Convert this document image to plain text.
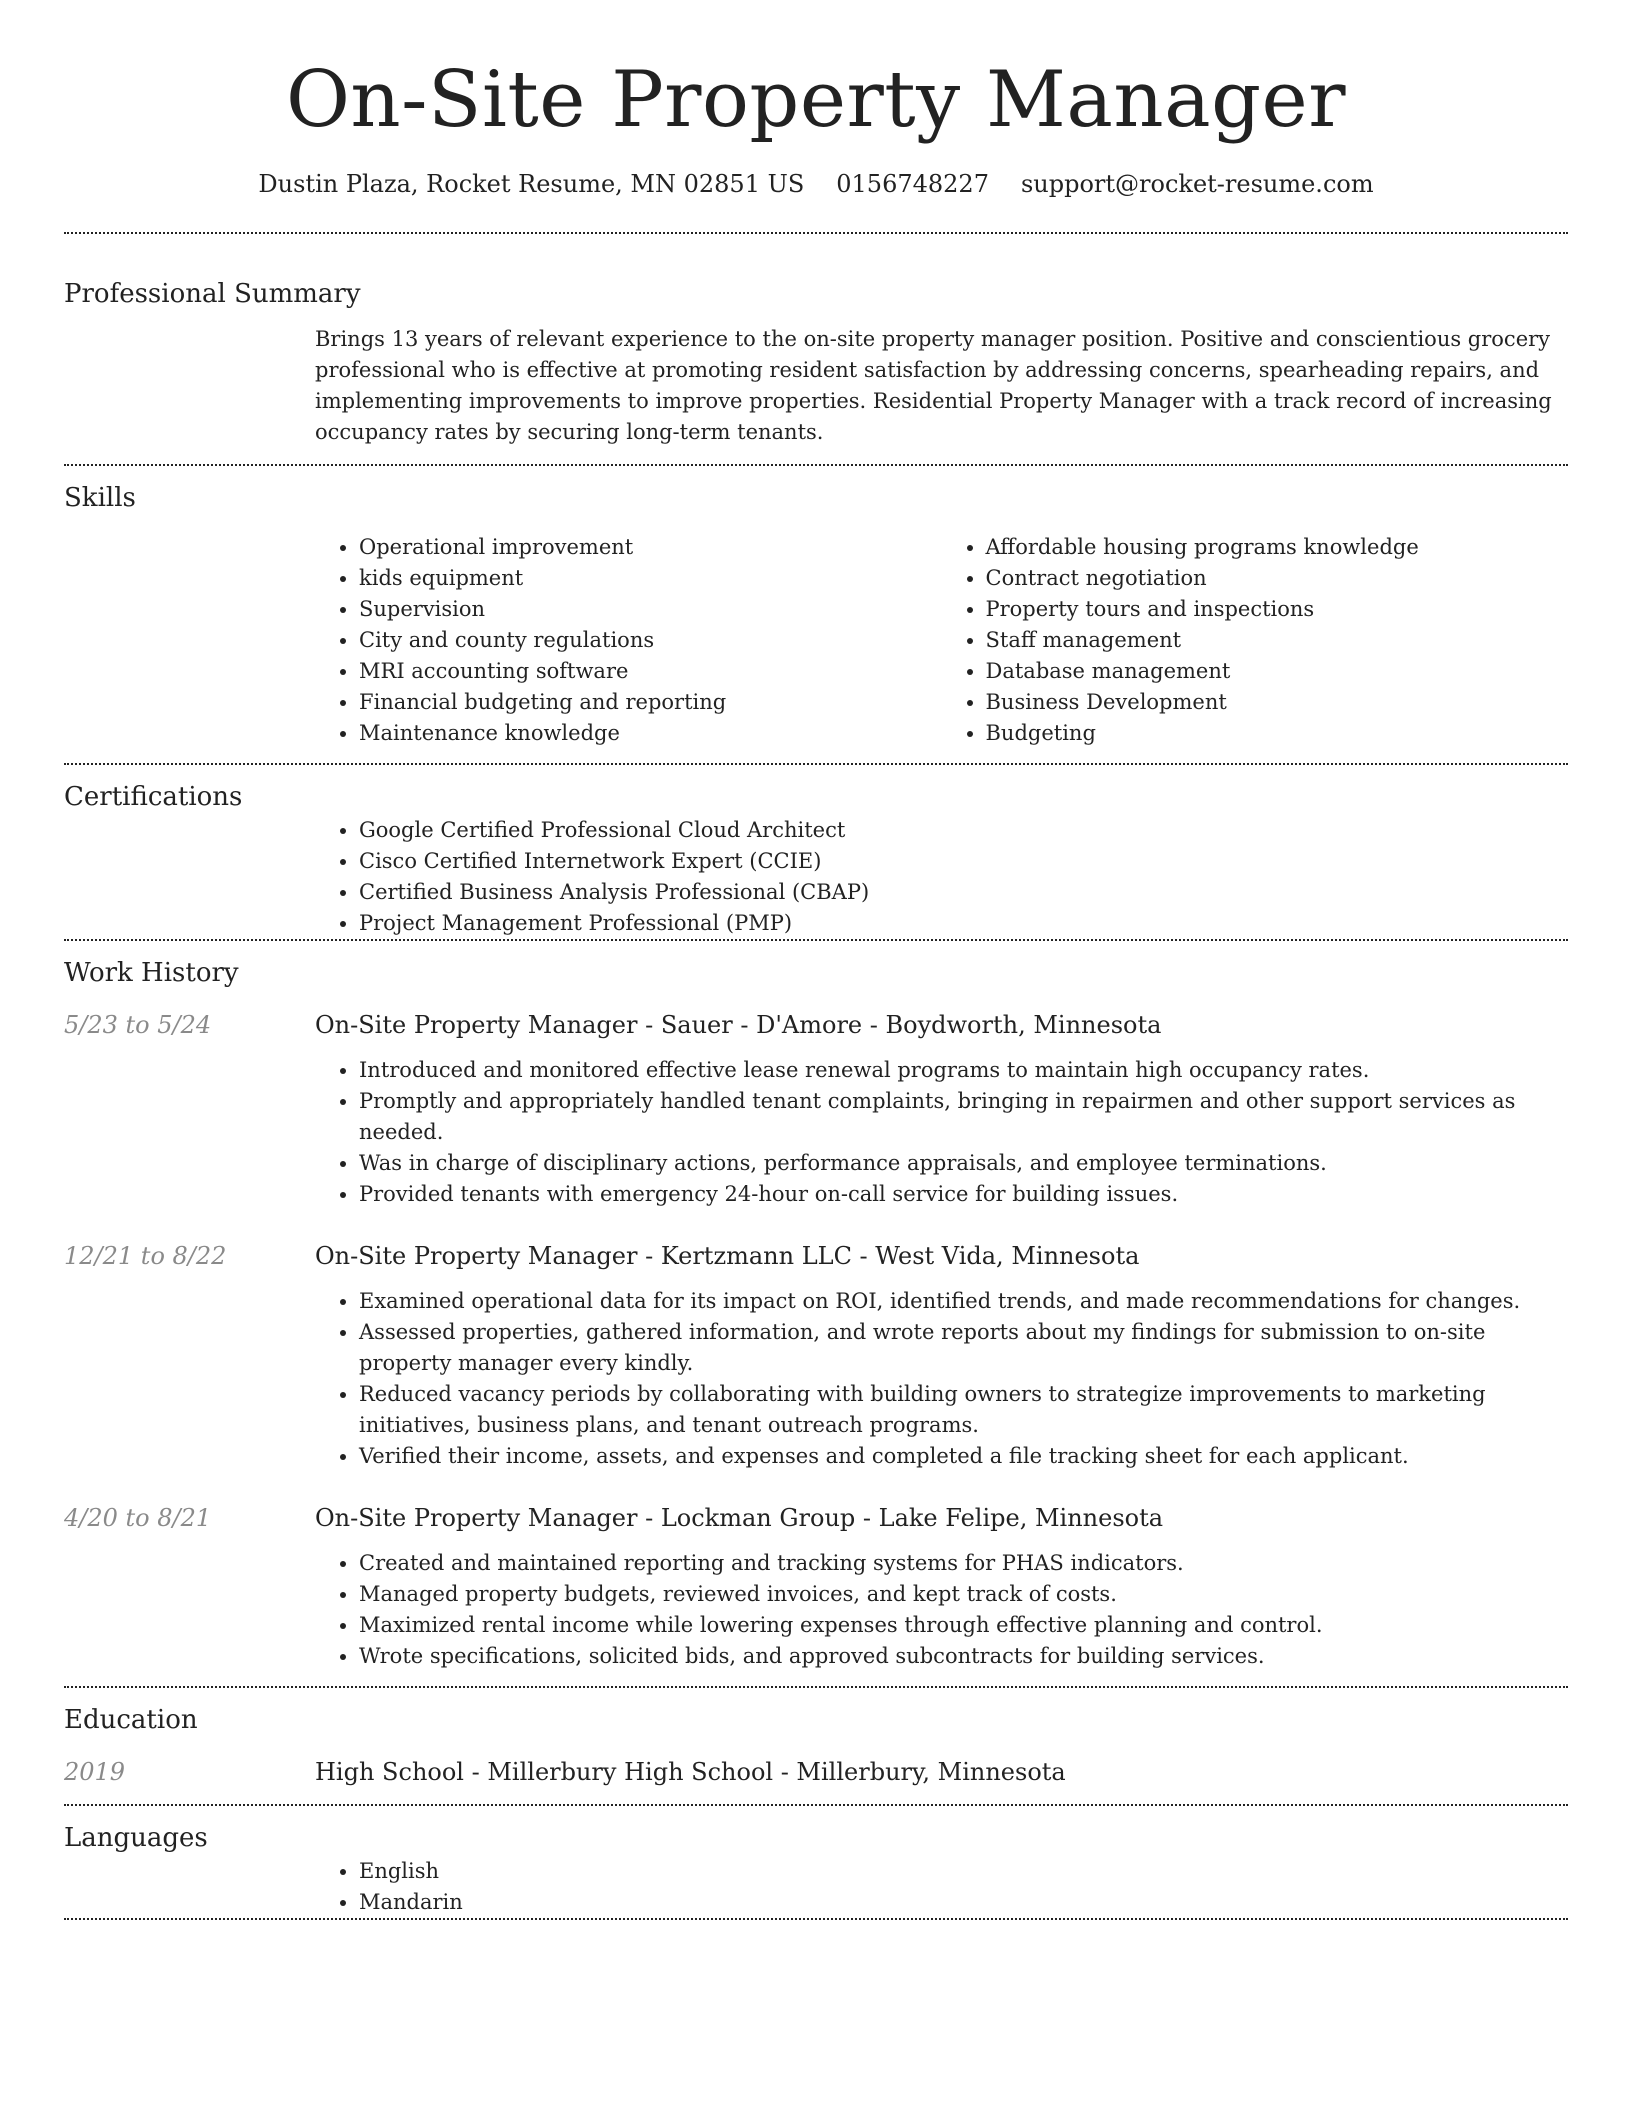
On-Site Property Manager
Dustin Plaza, Rocket Resume, MN 02851 US 0156748227 support@rocket-resume.com
Professional Summary

Brings 13 years of relevant experience to the on-site property manager position. Positive and conscientious grocery professional who is effective at promoting resident satisfaction by addressing concerns, spearheading repairs, and implementing improvements to improve properties. Residential Property Manager with a track record of increasing occupancy rates by securing long-term tenants.

Skills
• Operational improvement
• kids equipment
• Supervision
• City and county regulations
• MRI accounting software
• Financial budgeting and reporting
• Maintenance knowledge
• Affordable housing programs knowledge
• Contract negotiation
• Property tours and inspections
• Staff management
• Database management
• Business Development
• Budgeting
Certifications
• Google Certified Professional Cloud Architect
• Cisco Certified Internetwork Expert (CCIE)
• Certified Business Analysis Professional (CBAP)
• Project Management Professional (PMP)
Work History
5/23 to 5/24	On-Site Property Manager - Sauer - D'Amore - Boydworth, Minnesota
• Introduced and monitored effective lease renewal programs to maintain high occupancy rates.
• Promptly and appropriately handled tenant complaints, bringing in repairmen and other support services as needed.
• Was in charge of disciplinary actions, performance appraisals, and employee terminations.
• Provided tenants with emergency 24-hour on-call service for building issues.
12/21 to 8/22	On-Site Property Manager - Kertzmann LLC - West Vida, Minnesota
• Examined operational data for its impact on ROI, identified trends, and made recommendations for changes.
• Assessed properties, gathered information, and wrote reports about my findings for submission to on-site property manager every kindly.
• Reduced vacancy periods by collaborating with building owners to strategize improvements to marketing initiatives, business plans, and tenant outreach programs.
• Verified their income, assets, and expenses and completed a file tracking sheet for each applicant.
4/20 to 8/21	On-Site Property Manager - Lockman Group - Lake Felipe, Minnesota
• Created and maintained reporting and tracking systems for PHAS indicators.
• Managed property budgets, reviewed invoices, and kept track of costs.
• Maximized rental income while lowering expenses through effective planning and control.
• Wrote specifications, solicited bids, and approved subcontracts for building services.
Education
2019	High School - Millerbury High School - Millerbury, Minnesota
Languages
• English
• Mandarin
